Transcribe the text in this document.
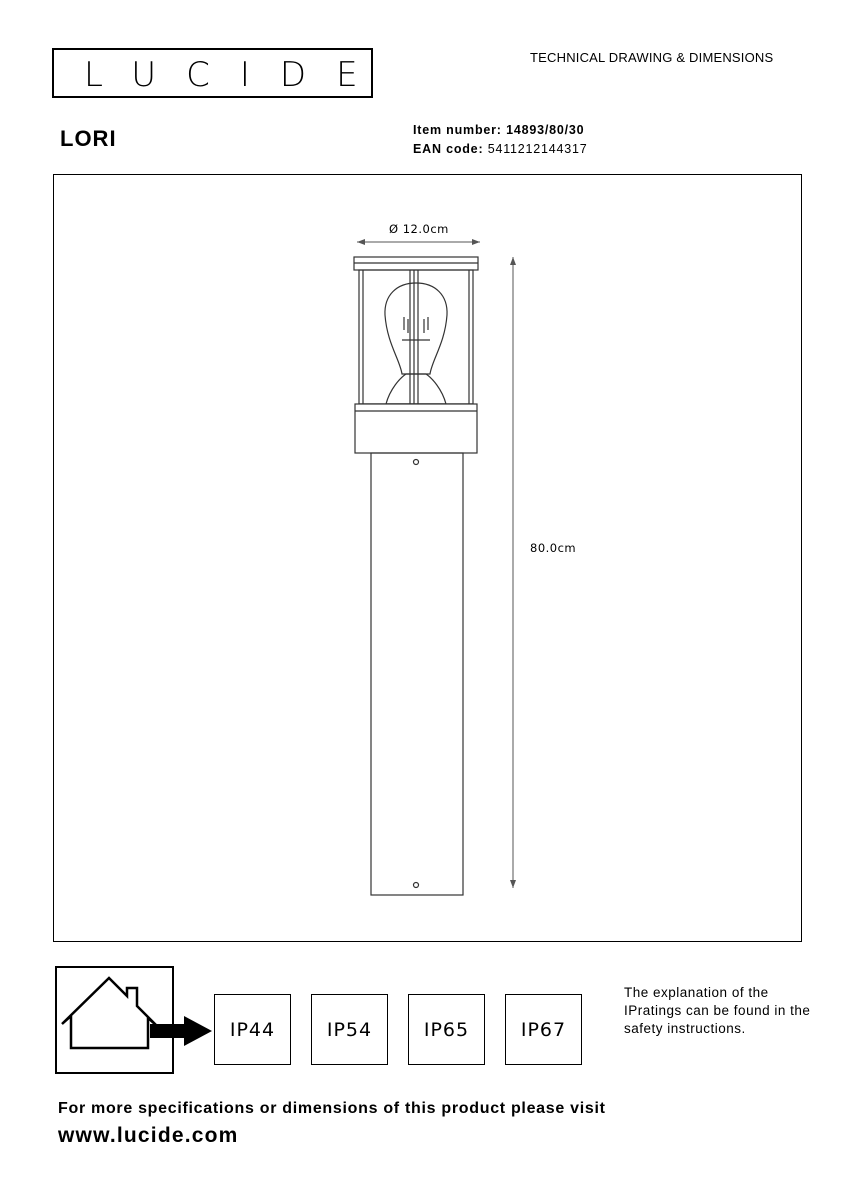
LUCIDE	TECHNICAL DRAWING & DIMENSIONS
LORI	Item number: 14893/80/30
EAN code: 5411212144317
Ø 12.0cm
80.0cm
IP44	IP54	IP65	IP67
The explanation of the IPratings can be found in the safety instructions.
For more specifications or dimensions of this product please visit
www.lucide.com
